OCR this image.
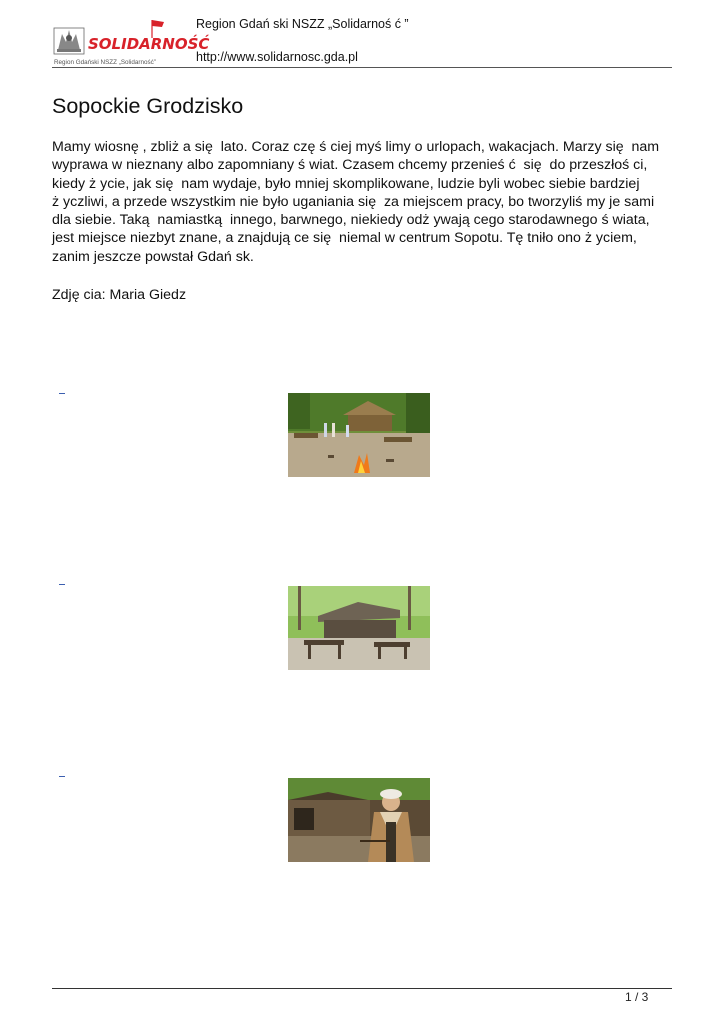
SOLIDARNOŚĆ
Region Gdański NSZZ „Solidarność”
Region Gdań ski NSZZ „Solidarnoś ć ”
http://www.solidarnosc.gda.pl
Sopockie Grodzisko
Mamy wiosnę , zbliż a się  lato. Coraz czę ś ciej myś limy o urlopach, wakacjach. Marzy się  nam
wyprawa w nieznany albo zapomniany ś wiat. Czasem chcemy przenieś ć  się  do przeszłoś ci,
kiedy ż ycie, jak się  nam wydaje, było mniej skomplikowane, ludzie byli wobec siebie bardziej
ż yczliwi, a przede wszystkim nie było uganiania się  za miejscem pracy, bo tworzyliś my je sami
dla siebie. Taką  namiastką  innego, barwnego, niekiedy odż ywają cego starodawnego ś wiata,
jest miejsce niezbyt znane, a znajdują ce się  niemal w centrum Sopotu. Tę tniło ono ż yciem,
zanim jeszcze powstał Gdań sk.
Zdję cia: Maria Giedz
1 / 3
